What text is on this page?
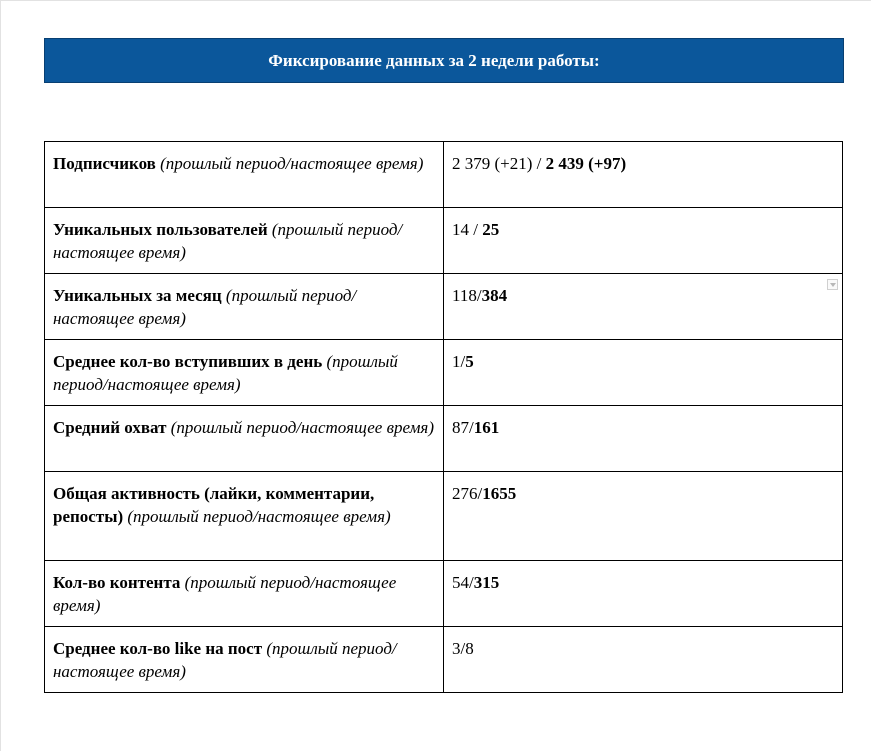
Фиксирование данных за 2 недели работы:
Подписчиков (прошлый период/настоящее время)	2 379 (+21) / 2 439 (+97)
Уникальных пользователей (прошлый период/настоящее время)	14 / 25
Уникальных за месяц (прошлый период/настоящее время)	118/384

Среднее кол-во вступивших в день (прошлый период/настоящее время)	1/5
Средний охват (прошлый период/настоящее время)	87/161
Общая активность (лайки, комментарии, репосты) (прошлый период/настоящее время)	276/1655
Кол-во контента (прошлый период/настоящее время)	54/315
Среднее кол-во like на пост (прошлый период/настоящее время)	3/8
